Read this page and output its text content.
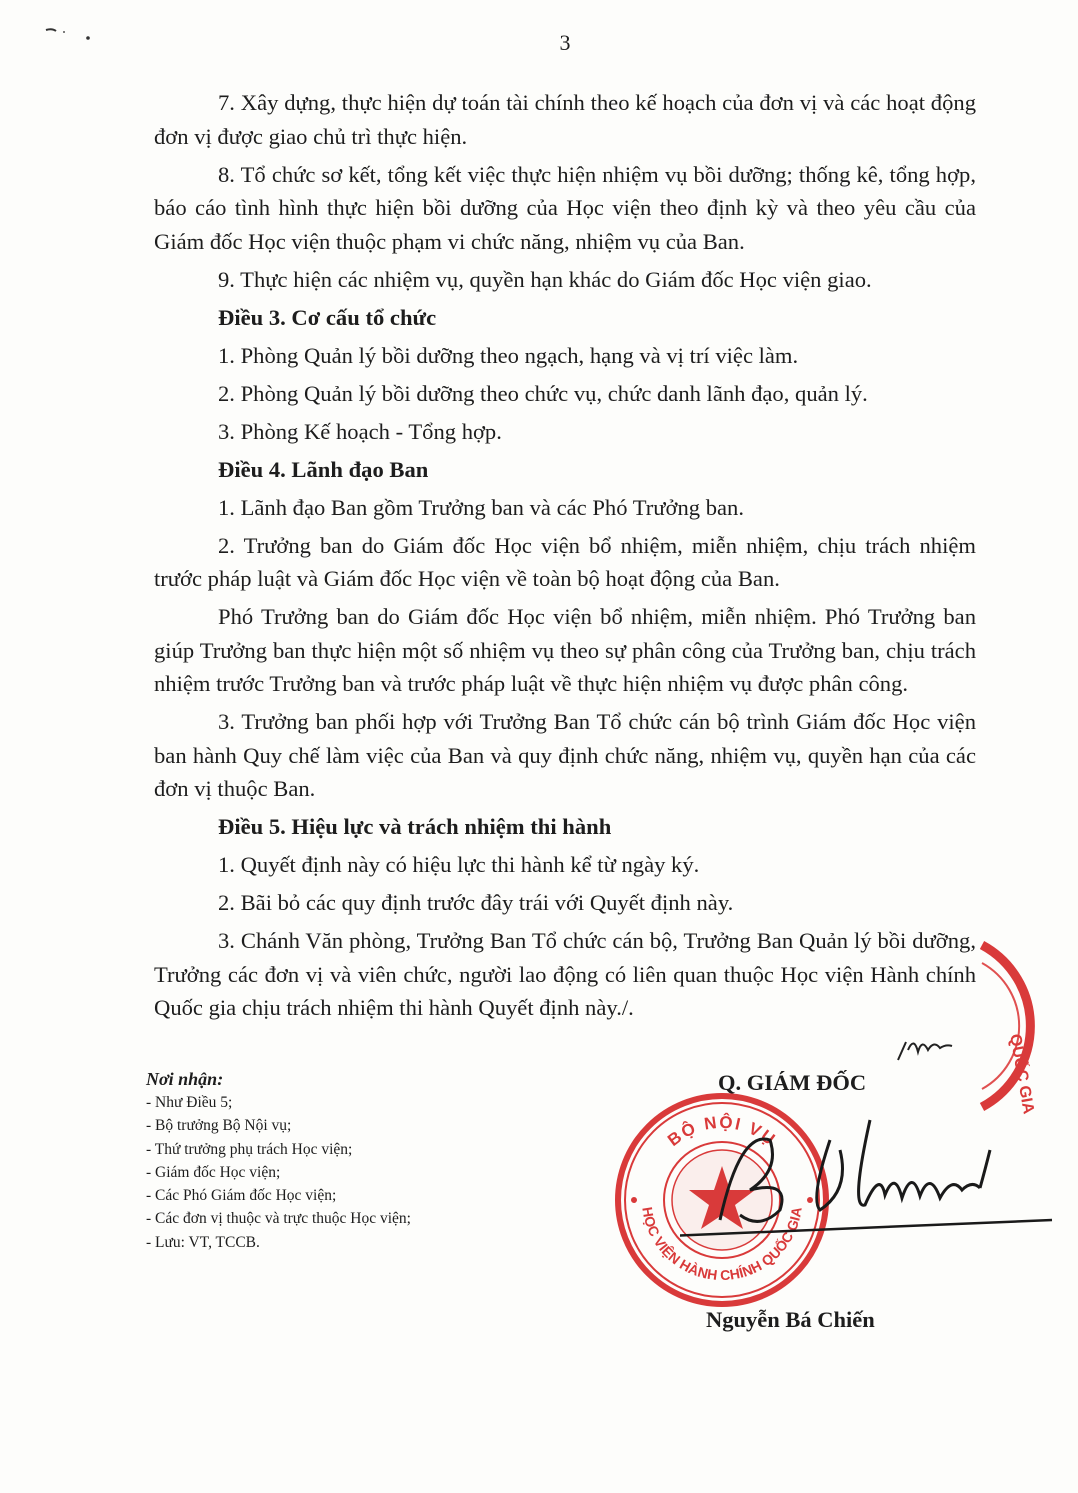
3

7. Xây dựng, thực hiện dự toán tài chính theo kế hoạch của đơn vị và các hoạt động đơn vị được giao chủ trì thực hiện.

8. Tổ chức sơ kết, tổng kết việc thực hiện nhiệm vụ bồi dưỡng; thống kê, tổng hợp, báo cáo tình hình thực hiện bồi dưỡng của Học viện theo định kỳ và theo yêu cầu của Giám đốc Học viện thuộc phạm vi chức năng, nhiệm vụ của Ban.

9. Thực hiện các nhiệm vụ, quyền hạn khác do Giám đốc Học viện giao.

Điều 3. Cơ cấu tổ chức

1. Phòng Quản lý bồi dưỡng theo ngạch, hạng và vị trí việc làm.

2. Phòng Quản lý bồi dưỡng theo chức vụ, chức danh lãnh đạo, quản lý.

3. Phòng Kế hoạch - Tổng hợp.

Điều 4. Lãnh đạo Ban

1. Lãnh đạo Ban gồm Trưởng ban và các Phó Trưởng ban.

2. Trưởng ban do Giám đốc Học viện bổ nhiệm, miễn nhiệm, chịu trách nhiệm trước pháp luật và Giám đốc Học viện về toàn bộ hoạt động của Ban.

Phó Trưởng ban do Giám đốc Học viện bổ nhiệm, miễn nhiệm. Phó Trưởng ban giúp Trưởng ban thực hiện một số nhiệm vụ theo sự phân công của Trưởng ban, chịu trách nhiệm trước Trưởng ban và trước pháp luật về thực hiện nhiệm vụ được phân công.

3. Trưởng ban phối hợp với Trưởng Ban Tổ chức cán bộ trình Giám đốc Học viện ban hành Quy chế làm việc của Ban và quy định chức năng, nhiệm vụ, quyền hạn của các đơn vị thuộc Ban.

Điều 5. Hiệu lực và trách nhiệm thi hành

1. Quyết định này có hiệu lực thi hành kể từ ngày ký.

2. Bãi bỏ các quy định trước đây trái với Quyết định này.

3. Chánh Văn phòng, Trưởng Ban Tổ chức cán bộ, Trưởng Ban Quản lý bồi dưỡng, Trưởng các đơn vị và viên chức, người lao động có liên quan thuộc Học viện Hành chính Quốc gia chịu trách nhiệm thi hành Quyết định này./.

Nơi nhận:
- Như Điều 5;
- Bộ trưởng Bộ Nội vụ;
- Thứ trưởng phụ trách Học viện;
- Giám đốc Học viện;
- Các Phó Giám đốc Học viện;
- Các đơn vị thuộc và trực thuộc Học viện;
- Lưu: VT, TCCB.
QUỐC GIA
Q. GIÁM ĐỐC
BỘ NỘI VỤ
HỌC VIỆN HÀNH CHÍNH QUỐC GIA
Nguyễn Bá Chiến
